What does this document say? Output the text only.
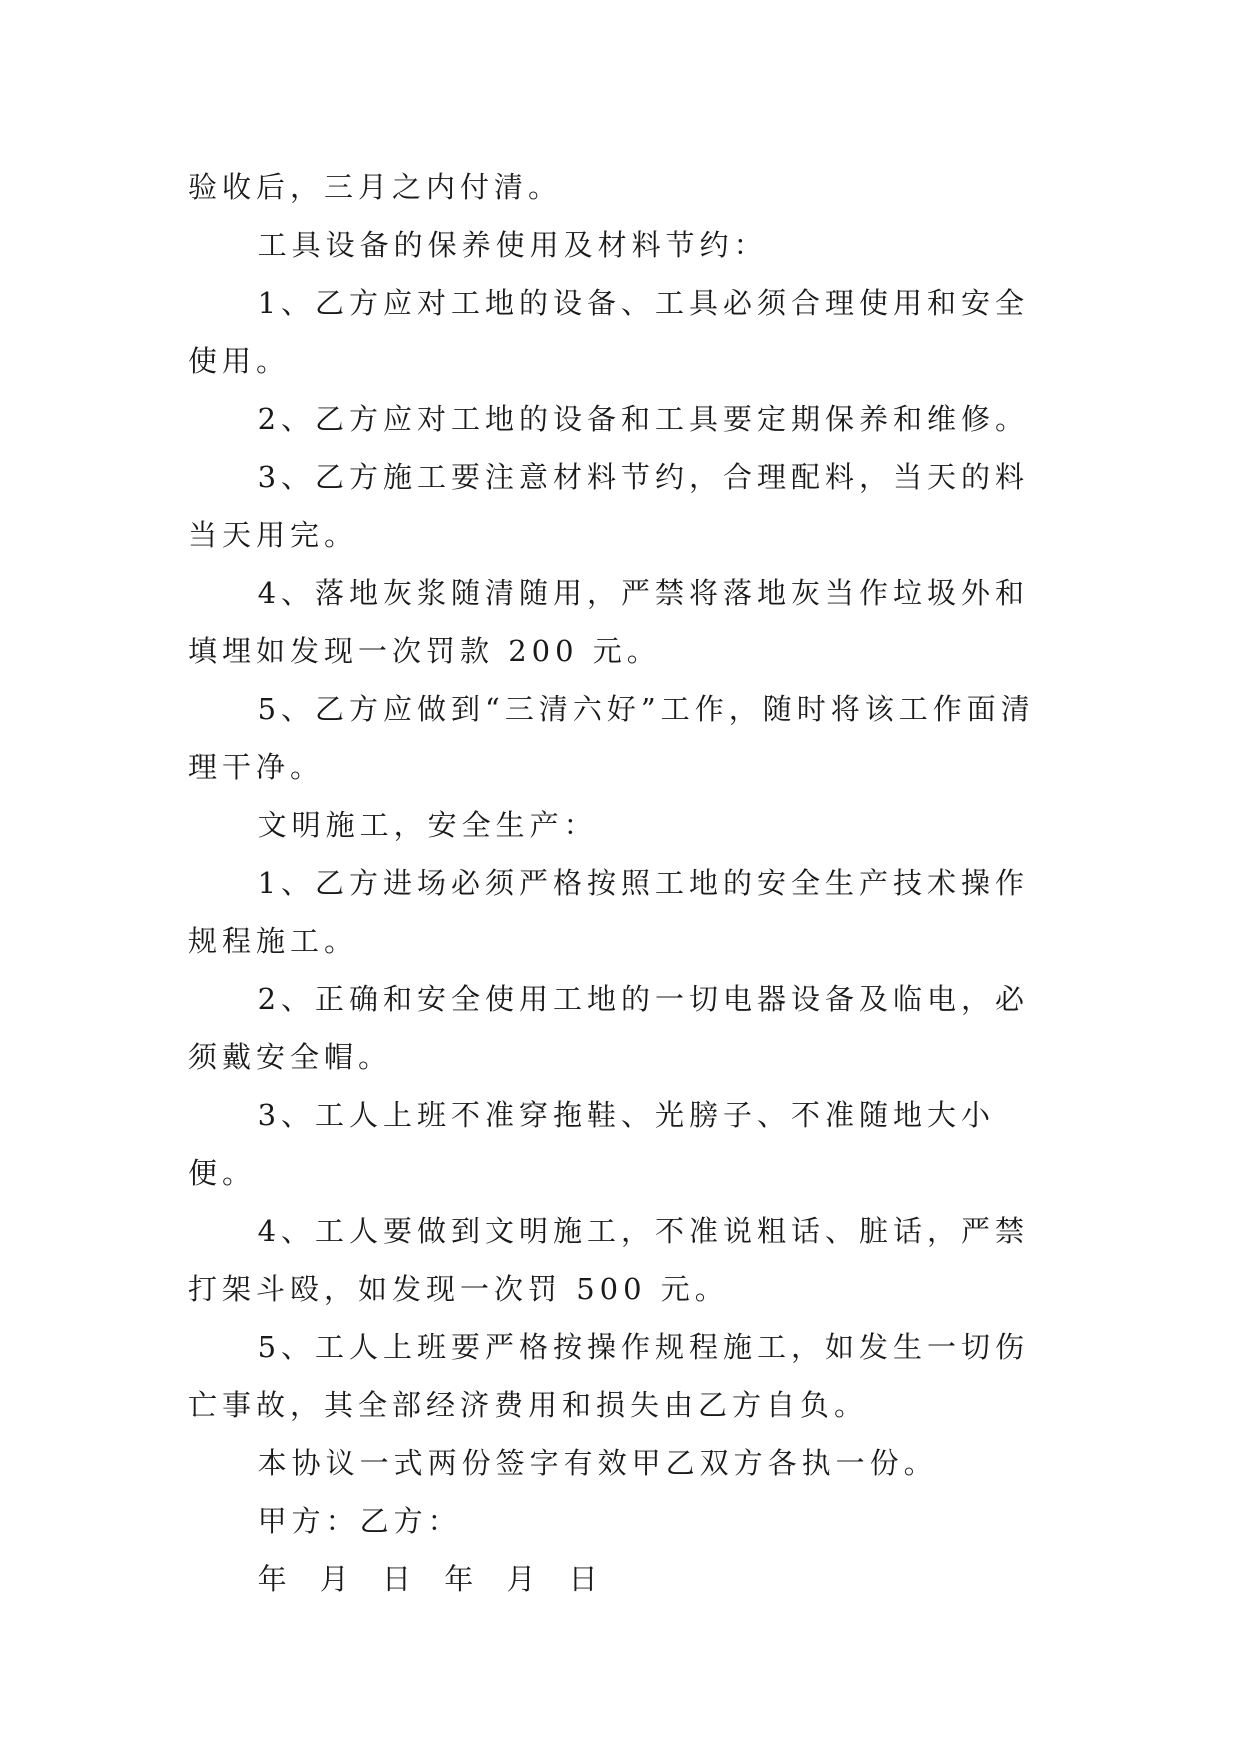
验收后，三月之内付清。

工具设备的保养使用及材料节约：

1、乙方应对工地的设备、工具必须合理使用和安全使用。

2、乙方应对工地的设备和工具要定期保养和维修。

3、乙方施工要注意材料节约，合理配料，当天的料当天用完。

4、落地灰浆随清随用，严禁将落地灰当作垃圾外和填埋如发现一次罚款 200 元。

5、乙方应做到“三清六好”工作，随时将该工作面清理干净。

文明施工，安全生产：

1、乙方进场必须严格按照工地的安全生产技术操作规程施工。

2、正确和安全使用工地的一切电器设备及临电，必须戴安全帽。

3、工人上班不准穿拖鞋、光膀子、不准随地大小便。

4、工人要做到文明施工，不准说粗话、脏话，严禁打架斗殴，如发现一次罚 500 元。

5、工人上班要严格按操作规程施工，如发生一切伤亡事故，其全部经济费用和损失由乙方自负。

本协议一式两份签字有效甲乙双方各执一份。

甲方：乙方：

年 月 日 年 月 日
